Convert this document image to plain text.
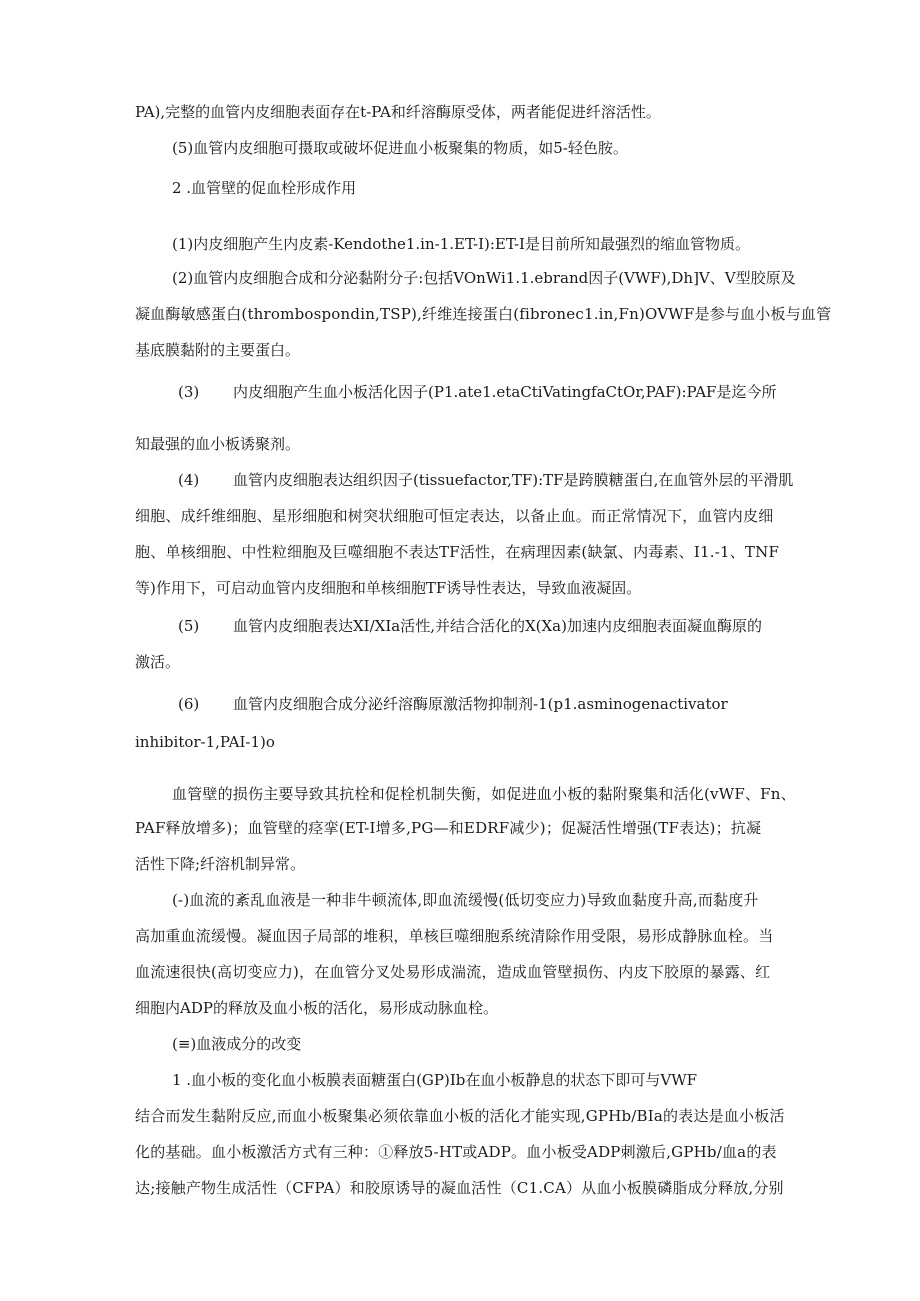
PA),完整的血管内皮细胞表面存在t-PA和纤溶酶原受体，两者能促进纤溶活性。

(5)血管内皮细胞可摄取或破坏促进血小板聚集的物质，如5-轻色胺。

2 .血管壁的促血栓形成作用

(1)内皮细胞产生内皮素-Kendothe1.in-1.ET-I):ET-I是目前所知最强烈的缩血管物质。

(2)血管内皮细胞合成和分泌黏附分子:包括VOnWi1.1.ebrand因子(VWF),Dh]V、V型胶原及

凝血酶敏感蛋白(thrombospondin,TSP),纤维连接蛋白(fibronec1.in,Fn)OVWF是参与血小板与血管

基底膜黏附的主要蛋白。

(3) 内皮细胞产生血小板活化因子(P1.ate1.etaCtiVatingfaCtOr,PAF):PAF是迄今所

知最强的血小板诱聚剂。

(4) 血管内皮细胞表达组织因子(tissuefactor,TF):TF是跨膜糖蛋白,在血管外层的平滑肌

细胞、成纤维细胞、星形细胞和树突状细胞可恒定表达，以备止血。而正常情况下，血管内皮细

胞、单核细胞、中性粒细胞及巨噬细胞不表达TF活性，在病理因素(缺氯、内毒素、I1.-1、TNF

等)作用下，可启动血管内皮细胞和单核细胞TF诱导性表达，导致血液凝固。

(5) 血管内皮细胞表达XI/XIa活性,并结合活化的X(Xa)加速内皮细胞表面凝血酶原的

激活。

(6) 血管内皮细胞合成分泌纤溶酶原激活物抑制剂-1(p1.asminogenactivator

inhibitor-1,PAI-1)o

血管壁的损伤主要导致其抗栓和促栓机制失衡，如促进血小板的黏附聚集和活化(vWF、Fn、

PAF释放增多)；血管壁的痉挛(ET-I增多,PG—和EDRF减少)；促凝活性增强(TF表达)；抗凝

活性下降;纤溶机制异常。

(-)血流的紊乱血液是一种非牛顿流体,即血流缓慢(低切变应力)导致血黏度升高,而黏度升

高加重血流缓慢。凝血因子局部的堆积，单核巨噬细胞系统清除作用受限，易形成静脉血栓。当

血流速很快(高切变应力)，在血管分叉处易形成湍流，造成血管壁损伤、内皮下胶原的暴露、红

细胞内ADP的释放及血小板的活化，易形成动脉血栓。

(≡)血液成分的改变

1 .血小板的变化血小板膜表面糖蛋白(GP)Ib在血小板静息的状态下即可与VWF

结合而发生黏附反应,而血小板聚集必须依靠血小板的活化才能实现,GPHb/BIa的表达是血小板活

化的基础。血小板激活方式有三种：①释放5-HT或ADP。血小板受ADP刺激后,GPHb/血a的表

达;接触产物生成活性（CFPA）和胶原诱导的凝血活性（C1.CA）从血小板膜磷脂成分释放,分别
